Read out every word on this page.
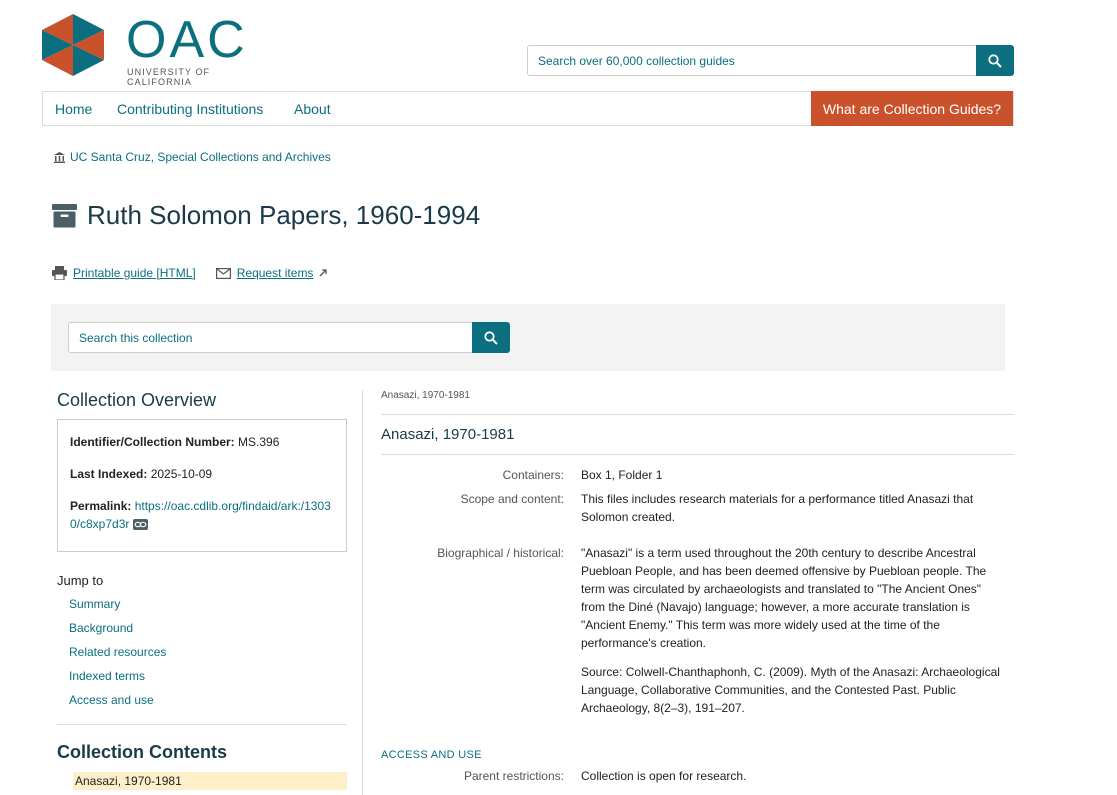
OAC
UNIVERSITY OF CALIFORNIA
Search over 60,000 collection guides
Home Contributing Institutions About	What are Collection Guides?
UC Santa Cruz, Special Collections and Archives
Ruth Solomon Papers, 1960-1994
Printable guide [HTML]	Request items
Search this collection
Collection Overview
Identifier/Collection Number: MS.396
Last Indexed: 2025-10-09
Permalink: https://oac.cdlib.org/findaid/ark:/13030/c8xp7d3r
Jump to
Summary
Background
Related resources
Indexed terms
Access and use
Collection Contents
Anasazi, 1970-1981
Anasazi, 1970-1981
Anasazi, 1970-1981
Containers:	Box 1, Folder 1
Scope and content:	This files includes research materials for a performance titled Anasazi that Solomon created.
Biographical / historical:	"Anasazi" is a term used throughout the 20th century to describe Ancestral Puebloan People, and has been deemed offensive by Puebloan people. The term was circulated by archaeologists and translated to "The Ancient Ones" from the Diné (Navajo) language; however, a more accurate translation is "Ancient Enemy." This term was more widely used at the time of the performance's creation.

Source: Colwell-Chanthaphonh, C. (2009). Myth of the Anasazi: Archaeological Language, Collaborative Communities, and the Contested Past. Public Archaeology, 8(2–3), 191–207.

ACCESS AND USE
Parent restrictions:	Collection is open for research.
